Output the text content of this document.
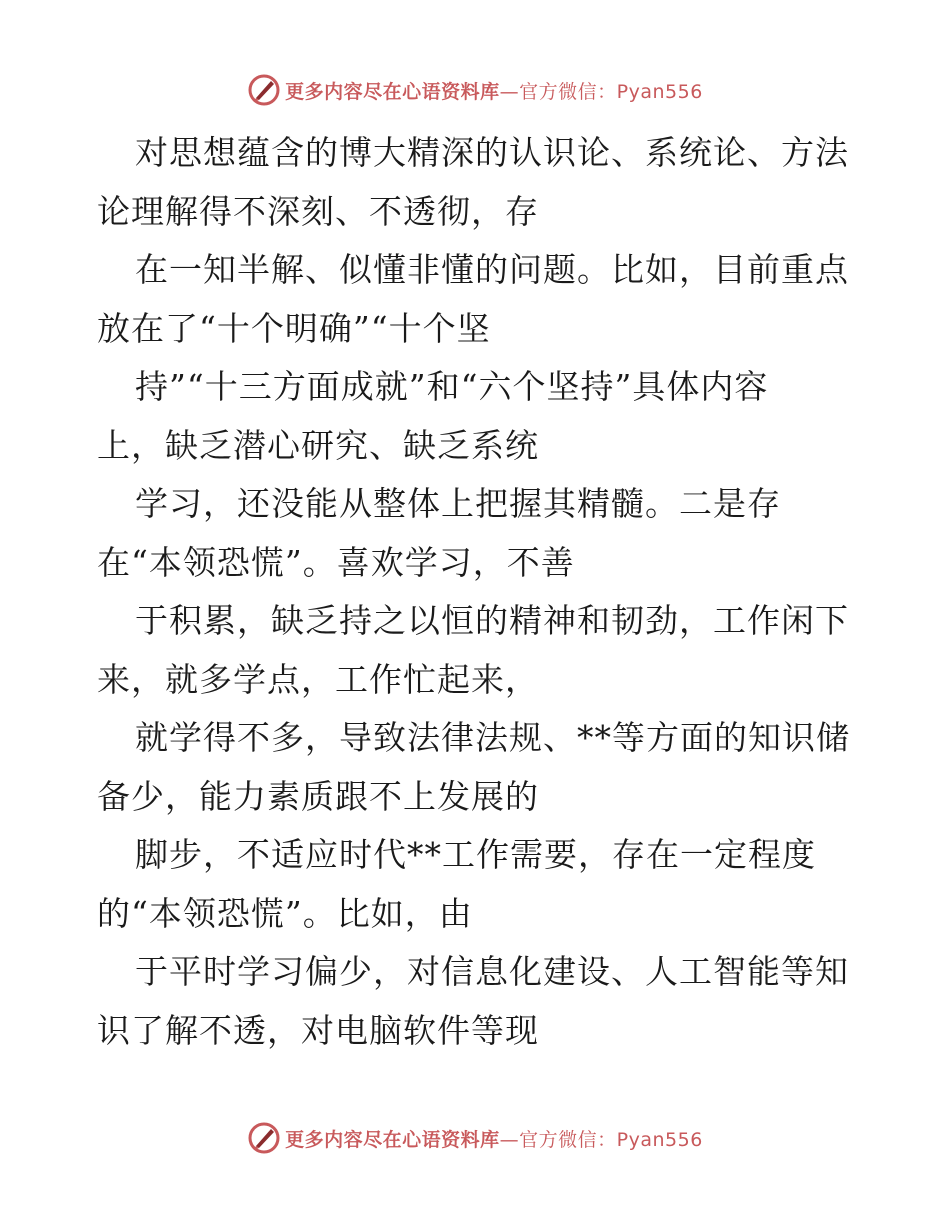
更多内容尽在心语资料库 —官方微信：Pyan556
对思想蕴含的博大精深的认识论、系统论、方法
论理解得不深刻、不透彻，存
在一知半解、似懂非懂的问题。比如，目前重点
放在了“十个明确”“十个坚
持”“十三方面成就”和“六个坚持”具体内容
上，缺乏潜心研究、缺乏系统
学习，还没能从整体上把握其精髓。二是存
在“本领恐慌”。喜欢学习，不善
于积累，缺乏持之以恒的精神和韧劲，工作闲下
来，就多学点，工作忙起来，
就学得不多，导致法律法规、**等方面的知识储
备少，能力素质跟不上发展的
脚步，不适应时代**工作需要，存在一定程度
的“本领恐慌”。比如，由
于平时学习偏少，对信息化建设、人工智能等知
识了解不透，对电脑软件等现
更多内容尽在心语资料库 —官方微信：Pyan556
